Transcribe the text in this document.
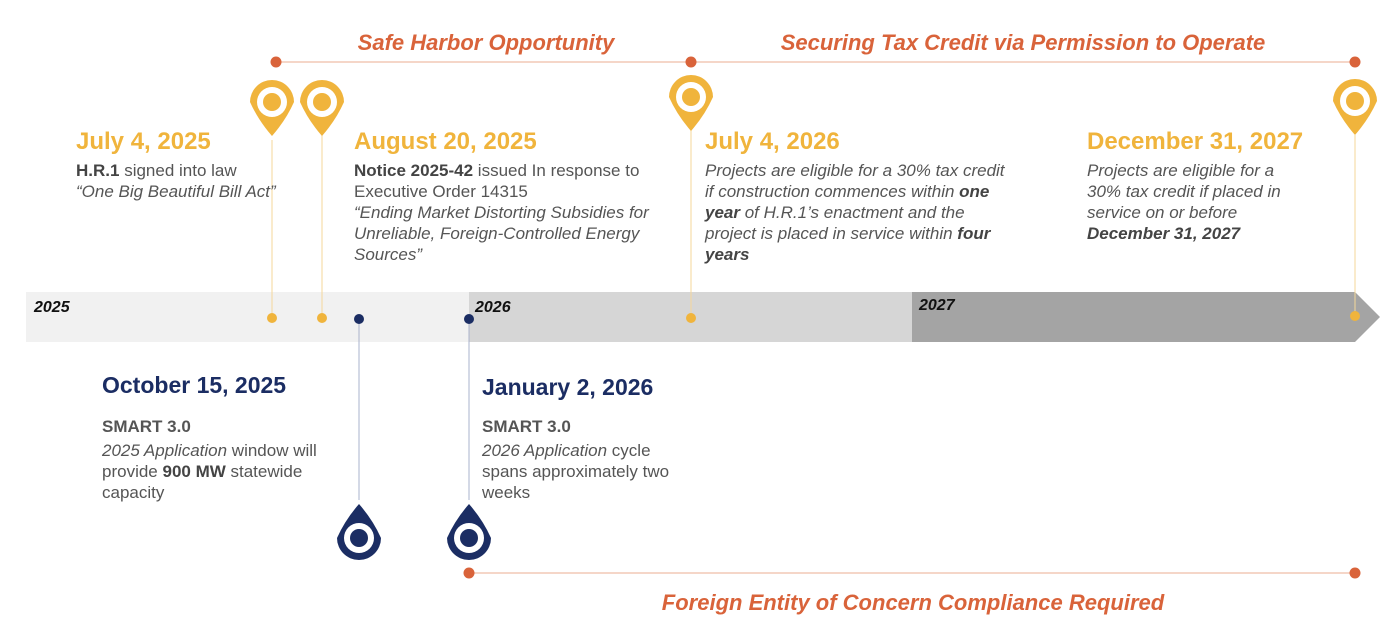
Safe Harbor Opportunity	Securing Tax Credit via Permission to Operate
Foreign Entity of Concern Compliance Required
2025	2026	2027
July 4, 2025
H.R.1 signed into law
“One Big Beautiful Bill Act”
August 20, 2025
Notice 2025-42 issued In response to Executive Order 14315
“Ending Market Distorting Subsidies for Unreliable, Foreign-Controlled Energy Sources”
July 4, 2026
Projects are eligible for a 30% tax credit if construction commences within one year of H.R.1’s enactment and the project is placed in service within four years
December 31, 2027
Projects are eligible for a 30% tax credit if placed in service on or before December 31, 2027
October 15, 2025
SMART 3.0
2025 Application window will provide 900 MW statewide capacity
January 2, 2026
SMART 3.0
2026 Application cycle spans approximately two weeks
